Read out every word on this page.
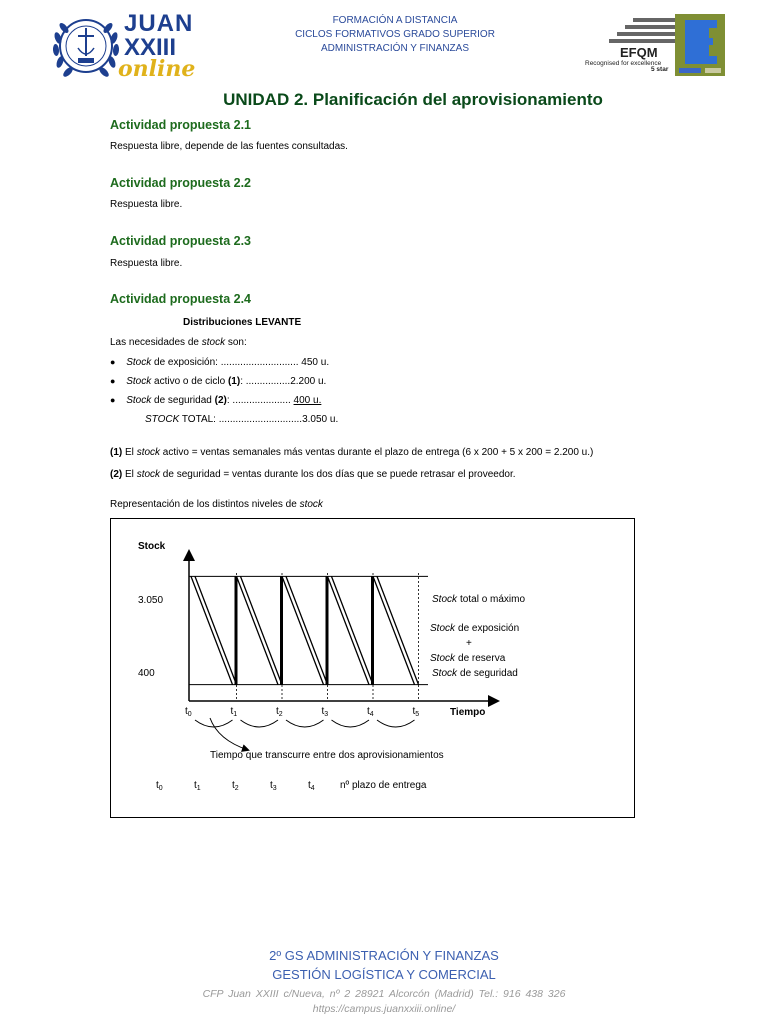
JUAN
XXIII
online
FORMACIÓN A DISTANCIA
CICLOS FORMATIVOS GRADO SUPERIOR
ADMINISTRACIÓN Y FINANZAS	EFQM
Recognised for excellence
5 star
UNIDAD 2. Planificación del aprovisionamiento
Actividad propuesta 2.1
Respuesta libre, depende de las fuentes consultadas.
Actividad propuesta 2.2
Respuesta libre.
Actividad propuesta 2.3
Respuesta libre.
Actividad propuesta 2.4
Distribuciones LEVANTE
Las necesidades de stock son:
● Stock de exposición: ............................ 450 u.
● Stock activo o de ciclo (1): ................2.200 u.
● Stock de seguridad (2): ..................... 400 u.
STOCK TOTAL: ..............................3.050 u.
(1) El stock activo = ventas semanales más ventas durante el plazo de entrega (6 x 200 + 5 x 200 = 2.200 u.)
(2) El stock de seguridad = ventas durante los dos días que se puede retrasar el proveedor.
Representación de los distintos niveles de stock
Stock
Tiempo
3.050
400
$t_0$	$t_1$	$t_2$	$t_3$	$t_4$	$t_5$
Stock total o máximo
Stock de exposición
+
Stock de reserva
Stock de seguridad
Tiempo que transcurre entre dos aprovisionamientos
$t_0$	$t_1$	$t_2$	$t_3$	$t_4$	nº plazo de entrega
2º GS ADMINISTRACIÓN Y FINANZAS
GESTIÓN LOGÍSTICA Y COMERCIAL
CFP Juan XXIII c/Nueva, nº 2 28921 Alcorcón (Madrid) Tel.: 916 438 326
https://campus.juanxxiii.online/
